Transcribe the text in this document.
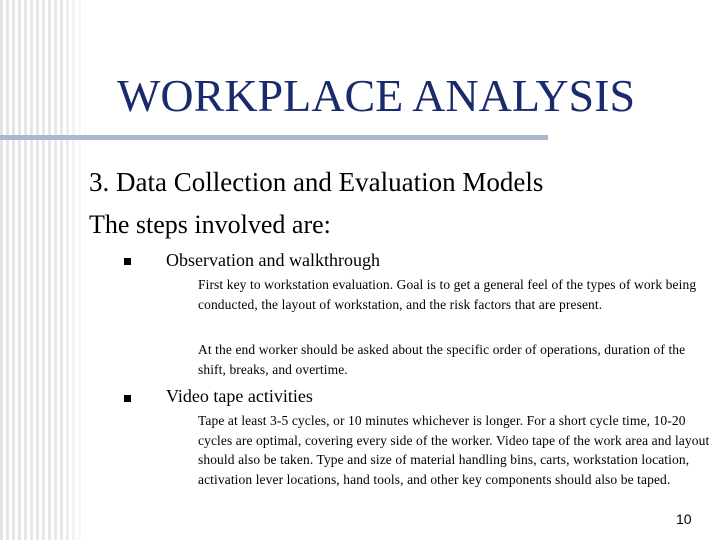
WORKPLACE ANALYSIS
3. Data Collection and Evaluation Models
The steps involved are:
Observation and walkthrough
First key to workstation evaluation. Goal is to get a general feel of the types of work being conducted, the layout of workstation, and the risk factors that are present.
At the end worker should be asked about the specific order of operations, duration of the shift, breaks, and overtime.
Video tape activities
Tape at least 3-5 cycles, or 10 minutes whichever is longer. For a short cycle time, 10-20 cycles are optimal, covering every side of the worker. Video tape of the work area and layout should also be taken. Type and size of material handling bins, carts, workstation location, activation lever locations, hand tools, and other key components should also be taped.
10
